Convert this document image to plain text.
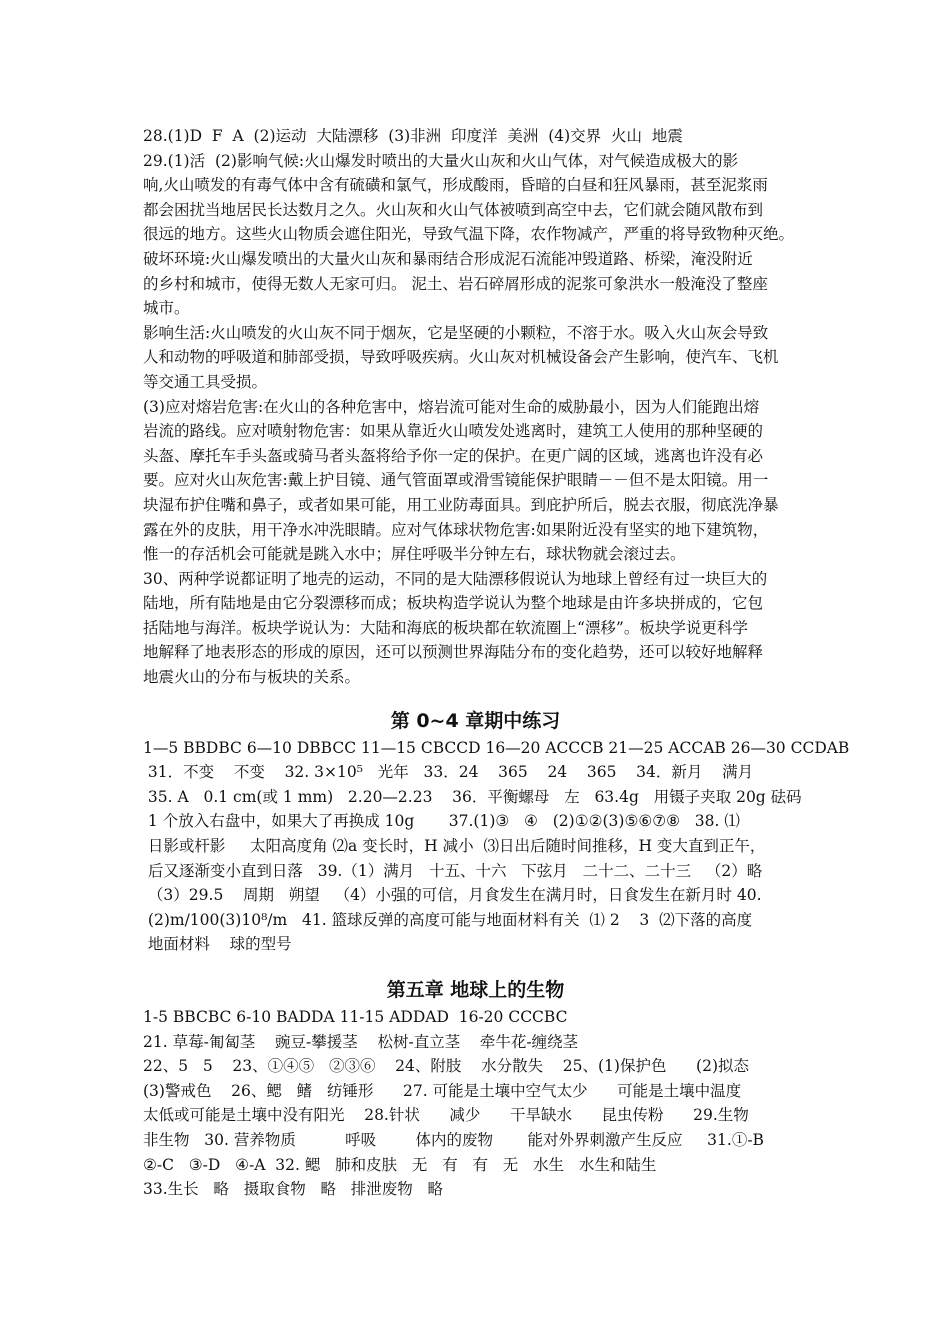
28.(1)D  F  A  (2)运动  大陆漂移  (3)非洲  印度洋  美洲  (4)交界  火山  地震
29.(1)活  (2)影响气候:火山爆发时喷出的大量火山灰和火山气体，对气候造成极大的影
响,火山喷发的有毒气体中含有硫磺和氯气，形成酸雨，昏暗的白昼和狂风暴雨，甚至泥浆雨
都会困扰当地居民长达数月之久。火山灰和火山气体被喷到高空中去，它们就会随风散布到
很远的地方。这些火山物质会遮住阳光，导致气温下降，农作物减产，严重的将导致物种灭绝。
破坏环境:火山爆发喷出的大量火山灰和暴雨结合形成泥石流能冲毁道路、桥梁，淹没附近
的乡村和城市，使得无数人无家可归。 泥土、岩石碎屑形成的泥浆可象洪水一般淹没了整座
城市。
影响生活:火山喷发的火山灰不同于烟灰，它是坚硬的小颗粒，不溶于水。吸入火山灰会导致
人和动物的呼吸道和肺部受损，导致呼吸疾病。火山灰对机械设备会产生影响，使汽车、飞机
等交通工具受损。
(3)应对熔岩危害:在火山的各种危害中，熔岩流可能对生命的威胁最小，因为人们能跑出熔
岩流的路线。应对喷射物危害：如果从靠近火山喷发处逃离时，建筑工人使用的那种坚硬的
头盔、摩托车手头盔或骑马者头盔将给予你一定的保护。在更广阔的区域，逃离也许没有必
要。应对火山灰危害:戴上护目镜、通气管面罩或滑雪镜能保护眼睛－－但不是太阳镜。用一
块湿布护住嘴和鼻子，或者如果可能，用工业防毒面具。到庇护所后，脱去衣服，彻底洗净暴
露在外的皮肤，用干净水冲洗眼睛。应对气体球状物危害:如果附近没有坚实的地下建筑物，
惟一的存活机会可能就是跳入水中；屏住呼吸半分钟左右，球状物就会滚过去。
30、两种学说都证明了地壳的运动，不同的是大陆漂移假说认为地球上曾经有过一块巨大的
陆地，所有陆地是由它分裂漂移而成；板块构造学说认为整个地球是由许多块拼成的，它包
括陆地与海洋。板块学说认为：大陆和海底的板块都在软流圈上“漂移”。板块学说更科学
地解释了地表形态的形成的原因，还可以预测世界海陆分布的变化趋势，还可以较好地解释
地震火山的分布与板块的关系。
第 0~4 章期中练习
1—5 BBDBC 6—10 DBBCC 11—15 CBCCD 16—20 ACCCB 21—25 ACCAB 26—30 CCDAB
31．不变    不变    32. 3×10⁵   光年   33．24    365    24    365    34．新月    满月
35. A   0.1 cm(或 1 mm)   2.20—2.23    36．平衡螺母   左   63.4g   用镊子夹取 20g 砝码
1 个放入右盘中，如果大了再换成 10g       37.(1)③   ④   (2)①②(3)⑤⑥⑦⑧   38. ⑴
日影或杆影     太阳高度角 ⑵a 变长时，H 减小  ⑶日出后随时间推移，H 变大直到正午，
后又逐渐变小直到日落   39.（1）满月   十五、十六   下弦月   二十二、二十三   （2）略
（3）29.5    周期   朔望   （4）小强的可信，月食发生在满月时，日食发生在新月时 40.
(2)m/100(3)10⁸/m   41. 篮球反弹的高度可能与地面材料有关  ⑴ 2    3  ⑵下落的高度
地面材料    球的型号
第五章 地球上的生物
1-5 BBCBC 6-10 BADDA 11-15 ADDAD  16-20 CCCBC
21. 草莓-匍匐茎    豌豆-攀援茎    松树-直立茎    牵牛花-缠绕茎
22、5   5    23、①④⑤   ②③⑥    24、附肢    水分散失    25、(1)保护色      (2)拟态
(3)警戒色    26、鳃   鳍   纺锤形      27. 可能是土壤中空气太少      可能是土壤中温度
太低或可能是土壤中没有阳光    28.针状      减少      干旱缺水      昆虫传粉      29.生物
非生物   30. 营养物质          呼吸        体内的废物       能对外界刺激产生反应     31.①-B
②-C   ③-D   ④-A  32. 鳃   肺和皮肤   无   有   有   无   水生   水生和陆生
33.生长   略   摄取食物   略   排泄废物   略
